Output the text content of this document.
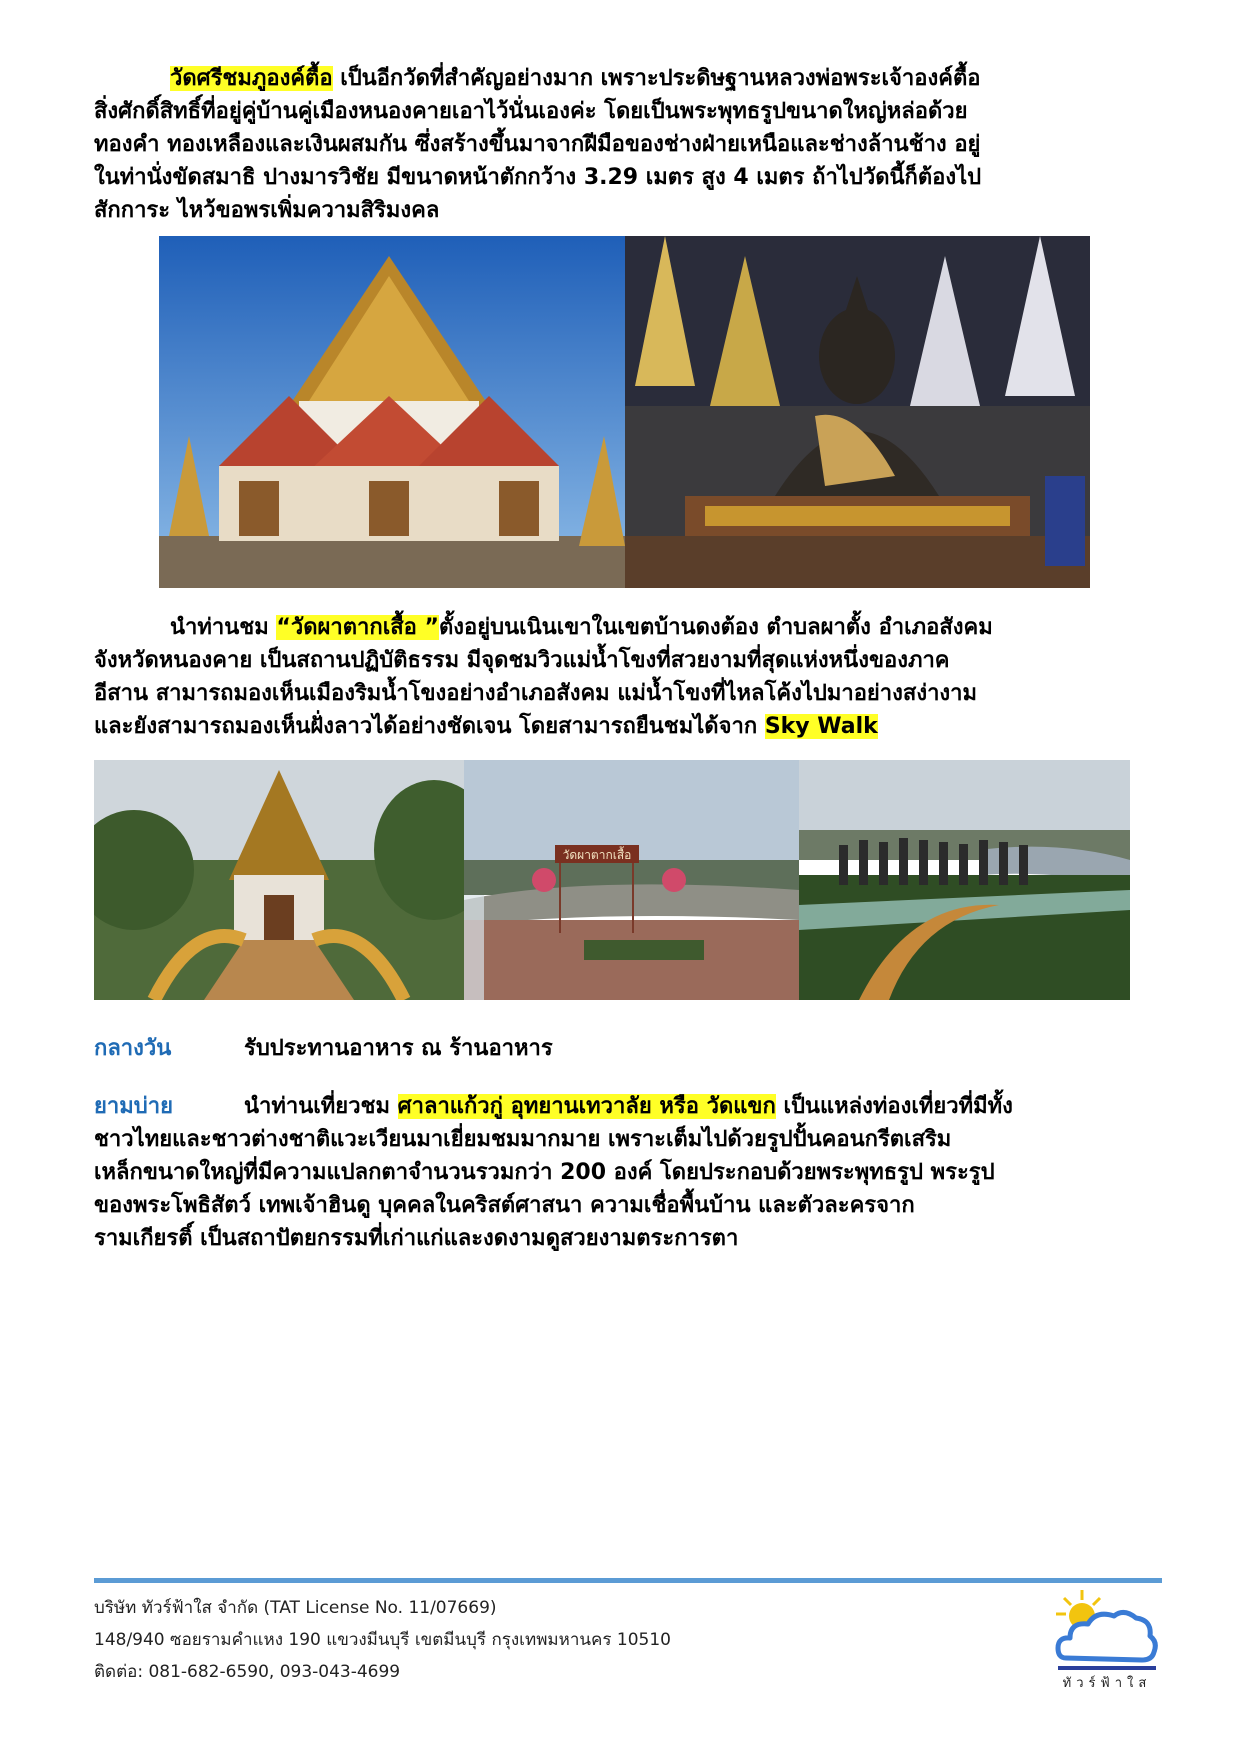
วัดศรีชมภูองค์ตื้อ เป็นอีกวัดที่สำคัญอย่างมาก เพราะประดิษฐานหลวงพ่อพระเจ้าองค์ตื้อ
สิ่งศักดิ์สิทธิ์ที่อยู่คู่บ้านคู่เมืองหนองคายเอาไว้นั่นเองค่ะ โดยเป็นพระพุทธรูปขนาดใหญ่หล่อด้วย
ทองคำ ทองเหลืองและเงินผสมกัน ซึ่งสร้างขึ้นมาจากฝีมือของช่างฝ่ายเหนือและช่างล้านช้าง อยู่
ในท่านั่งขัดสมาธิ ปางมารวิชัย มีขนาดหน้าตักกว้าง 3.29 เมตร สูง 4 เมตร ถ้าไปวัดนี้ก็ต้องไป
สักการะ ไหว้ขอพรเพิ่มความสิริมงคล
นำท่านชม “วัดผาตากเสื้อ ”ตั้งอยู่บนเนินเขาในเขตบ้านดงต้อง ตำบลผาตั้ง อำเภอสังคม
จังหวัดหนองคาย เป็นสถานปฏิบัติธรรม มีจุดชมวิวแม่น้ำโขงที่สวยงามที่สุดแห่งหนึ่งของภาค
อีสาน สามารถมองเห็นเมืองริมน้ำโขงอย่างอำเภอสังคม แม่น้ำโขงที่ไหลโค้งไปมาอย่างสง่างาม
และยังสามารถมองเห็นฝั่งลาวได้อย่างชัดเจน โดยสามารถยืนชมได้จาก Sky Walk
วัดผาตากเสื้อ
กลางวัน	รับประทานอาหาร ณ ร้านอาหาร
ยามบ่าย	นำท่านเที่ยวชม ศาลาแก้วกู่ อุทยานเทวาลัย หรือ วัดแขก เป็นแหล่งท่องเที่ยวที่มีทั้ง
ชาวไทยและชาวต่างชาติแวะเวียนมาเยี่ยมชมมากมาย เพราะเต็มไปด้วยรูปปั้นคอนกรีตเสริม
เหล็กขนาดใหญ่ที่มีความแปลกตาจำนวนรวมกว่า 200 องค์ โดยประกอบด้วยพระพุทธรูป พระรูป
ของพระโพธิสัตว์ เทพเจ้าฮินดู บุคคลในคริสต์ศาสนา ความเชื่อพื้นบ้าน และตัวละครจาก
รามเกียรติ์ เป็นสถาปัตยกรรมที่เก่าแก่และงดงามดูสวยงามตระการตา
บริษัท ทัวร์ฟ้าใส จำกัด (TAT License No. 11/07669)
148/940 ซอยรามคำแหง 190 แขวงมีนบุรี เขตมีนบุรี กรุงเทพมหานคร 10510
ติดต่อ: 081-682-6590, 093-043-4699
ทัวร์ฟ้าใส
